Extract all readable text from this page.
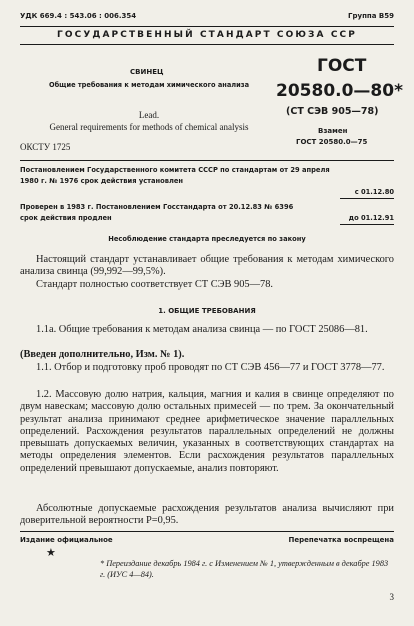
УДК 669.4 : 543.06 : 006.354	Группа В59
ГОСУДАРСТВЕННЫЙ СТАНДАРТ СОЮЗА ССР
СВИНЕЦ
Общие требования к методам химического анализа
Lead.
General requirements for methods of chemical analysis
ОКСТУ 1725
ГОСТ
20580.0—80*
(СТ СЭВ 905—78)
Взамен
ГОСТ 20580.0—75
Постановлением Государственного комитета СССР по стандартам от 29 апреля
1980 г. № 1976 срок действия установлен
с 01.12.80
Проверен в 1983 г. Постановлением Госстандарта от 20.12.83 № 6396
срок действия продлен	до 01.12.91
Несоблюдение стандарта преследуется по закону
Настоящий стандарт устанавливает общие требования к методам химического анализа свинца (99,992—99,5%).
Стандарт полностью соответствует СТ СЭВ 905—78.
1. ОБЩИЕ ТРЕБОВАНИЯ
1.1а. Общие требования к методам анализа свинца — по ГОСТ 25086—81.
(Введен дополнительно, Изм. № 1).
1.1. Отбор и подготовку проб проводят по СТ СЭВ 456—77 и ГОСТ 3778—77.
1.2. Массовую долю натрия, кальция, магния и калия в свинце определяют по двум навескам; массовую долю остальных примесей — по трем. За окончательный результат анализа принимают среднее арифметическое значение параллельных определений. Расхождения результатов параллельных определений не должны превышать допускаемых величин, указанных в соответствующих стандартах на методы определения элементов. Если расхождения результатов параллельных определений превышают допускаемые, анализ повторяют.
Абсолютные допускаемые расхождения результатов анализа вычисляют при доверительной вероятности Р=0,95.
Издание официальное	Перепечатка воспрещена
★
* Переиздание декабрь 1984 г. с Изменением № 1, утвержденным в декабре 1983 г. (ИУС 4—84).
3
